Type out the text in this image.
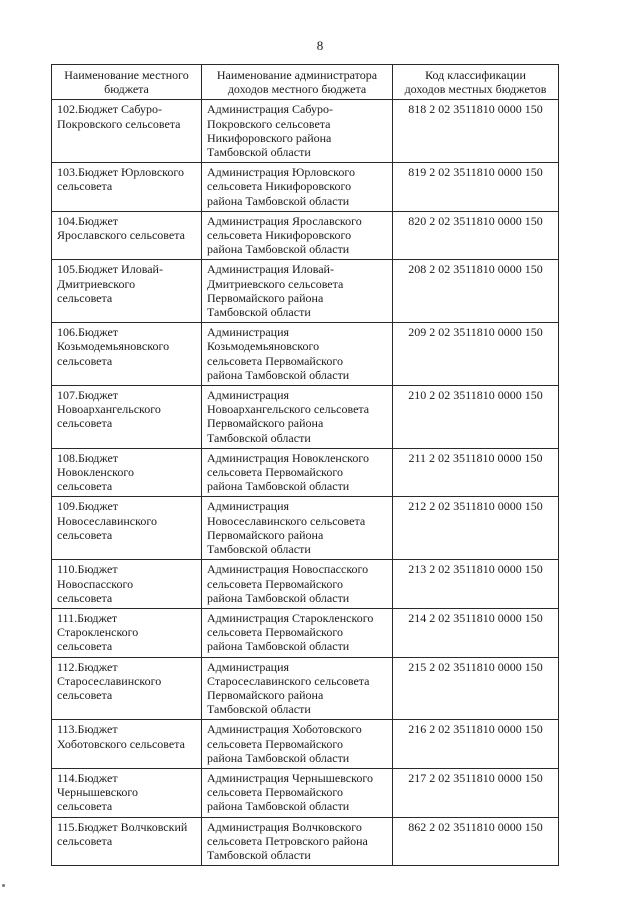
8
Наименование местного
бюджета	Наименование администратора
доходов местного бюджета	Код классификации
доходов местных бюджетов

102.Бюджет Сабуро-
Покровского сельсовета	Администрация Сабуро-
Покровского сельсовета
Никифоровского района
Тамбовской области	818 2 02 3511810 0000 150

103.Бюджет Юрловского
сельсовета	Администрация Юрловского
сельсовета Никифоровского
района Тамбовской области	819 2 02 3511810 0000 150

104.Бюджет
Ярославского сельсовета	Администрация Ярославского
сельсовета Никифоровского
района Тамбовской области	820 2 02 3511810 0000 150

105.Бюджет Иловай-
Дмитриевского
сельсовета	Администрация Иловай-
Дмитриевского сельсовета
Первомайского района
Тамбовской области	208 2 02 3511810 0000 150

106.Бюджет
Козьмодемьяновского
сельсовета	Администрация
Козьмодемьяновского
сельсовета Первомайского
района Тамбовской области	209 2 02 3511810 0000 150

107.Бюджет
Новоархангельского
сельсовета	Администрация
Новоархангельского сельсовета
Первомайского района
Тамбовской области	210 2 02 3511810 0000 150

108.Бюджет
Новокленского
сельсовета	Администрация Новокленского
сельсовета Первомайского
района Тамбовской области	211 2 02 3511810 0000 150

109.Бюджет
Новосеславинского
сельсовета	Администрация
Новосеславинского сельсовета
Первомайского района
Тамбовской области	212 2 02 3511810 0000 150

110.Бюджет
Новоспасского
сельсовета	Администрация Новоспасского
сельсовета Первомайского
района Тамбовской области	213 2 02 3511810 0000 150

111.Бюджет
Старокленского
сельсовета	Администрация Старокленского
сельсовета Первомайского
района Тамбовской области	214 2 02 3511810 0000 150

112.Бюджет
Старосеславинского
сельсовета	Администрация
Старосеславинского сельсовета
Первомайского района
Тамбовской области	215 2 02 3511810 0000 150

113.Бюджет
Хоботовского сельсовета	Администрация Хоботовского
сельсовета Первомайского
района Тамбовской области	216 2 02 3511810 0000 150

114.Бюджет
Чернышевского
сельсовета	Администрация Чернышевского
сельсовета Первомайского
района Тамбовской области	217 2 02 3511810 0000 150

115.Бюджет Волчковский
сельсовета	Администрация Волчковского
сельсовета Петровского района
Тамбовской области	862 2 02 3511810 0000 150
